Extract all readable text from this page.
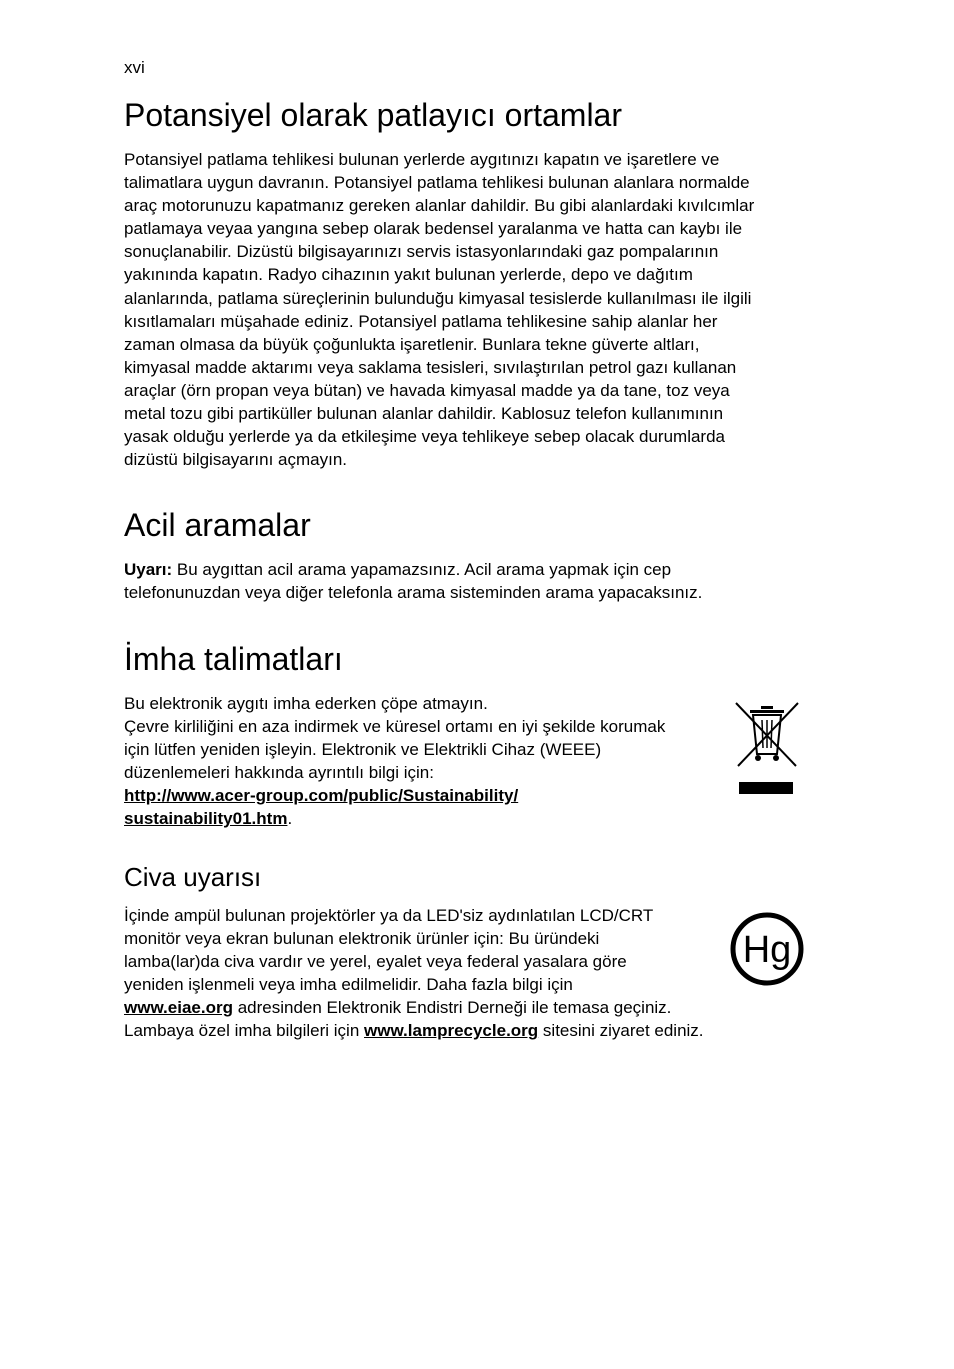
xvi
Potansiyel olarak patlayıcı ortamlar
Potansiyel patlama tehlikesi bulunan yerlerde aygıtınızı kapatın ve işaretlere ve
talimatlara uygun davranın. Potansiyel patlama tehlikesi bulunan alanlara normalde
araç motorunuzu kapatmanız gereken alanlar dahildir. Bu gibi alanlardaki kıvılcımlar
patlamaya veyaa yangına sebep olarak bedensel yaralanma ve hatta can kaybı ile
sonuçlanabilir. Dizüstü bilgisayarınızı servis istasyonlarındaki gaz pompalarının
yakınında kapatın. Radyo cihazının yakıt bulunan yerlerde, depo ve dağıtım
alanlarında, patlama süreçlerinin bulunduğu kimyasal tesislerde kullanılması ile ilgili
kısıtlamaları müşahade ediniz. Potansiyel patlama tehlikesine sahip alanlar her
zaman olmasa da büyük çoğunlukta işaretlenir. Bunlara tekne güverte altları,
kimyasal madde aktarımı veya saklama tesisleri, sıvılaştırılan petrol gazı kullanan
araçlar (örn propan veya bütan) ve havada kimyasal madde ya da tane, toz veya
metal tozu gibi partiküller bulunan alanlar dahildir. Kablosuz telefon kullanımının
yasak olduğu yerlerde ya da etkileşime veya tehlikeye sebep olacak durumlarda
dizüstü bilgisayarını açmayın.
Acil aramalar
Uyarı: Bu aygıttan acil arama yapamazsınız. Acil arama yapmak için cep
telefonunuzdan veya diğer telefonla arama sisteminden arama yapacaksınız.
İmha talimatları
Bu elektronik aygıtı imha ederken çöpe atmayın.
Çevre kirliliğini en aza indirmek ve küresel ortamı en iyi şekilde korumak
için lütfen yeniden işleyin. Elektronik ve Elektrikli Cihaz (WEEE)
düzenlemeleri hakkında ayrıntılı bilgi için:
http://www.acer-group.com/public/Sustainability/
sustainability01.htm.
Civa uyarısı
İçinde ampül bulunan projektörler ya da LED'siz aydınlatılan LCD/CRT
monitör veya ekran bulunan elektronik ürünler için: Bu üründeki
lamba(lar)da civa vardır ve yerel, eyalet veya federal yasalara göre
yeniden işlenmeli veya imha edilmelidir. Daha fazla bilgi için
www.eiae.org adresinden Elektronik Endistri Derneği ile temasa geçiniz.
Lambaya özel imha bilgileri için www.lamprecycle.org sitesini ziyaret ediniz.
Hg
